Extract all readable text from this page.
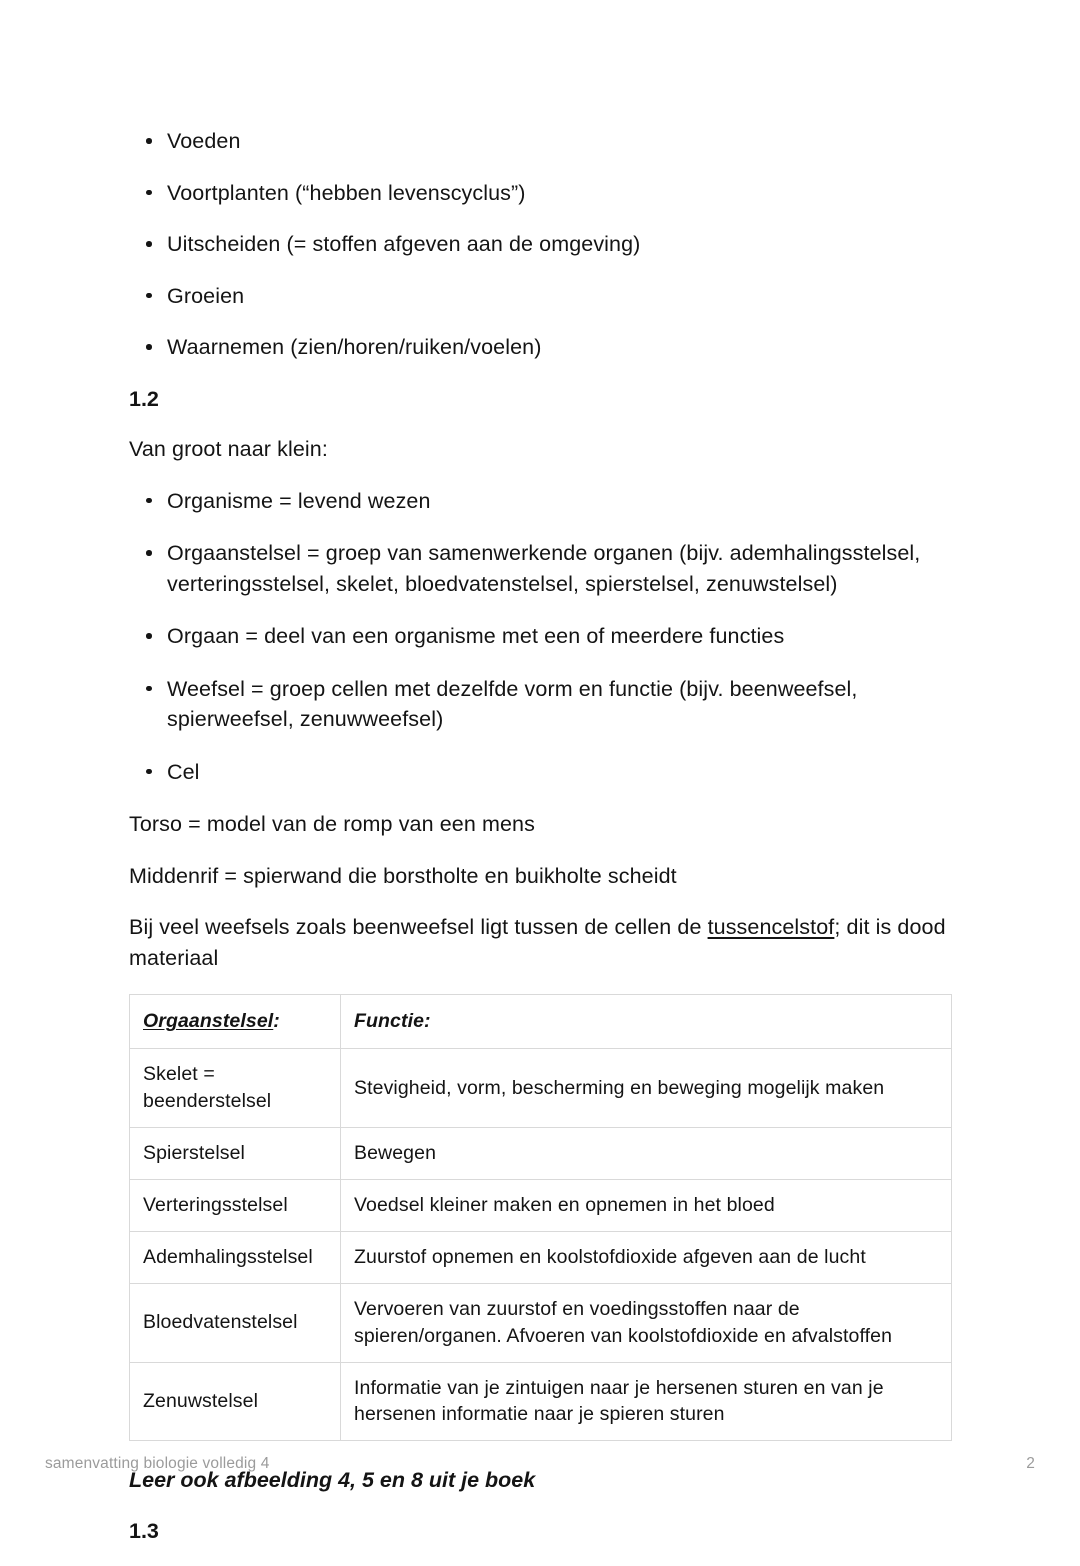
Voeden
Voortplanten (“hebben levenscyclus”)
Uitscheiden (= stoffen afgeven aan de omgeving)
Groeien
Waarnemen (zien/horen/ruiken/voelen)

1.2

Van groot naar klein:

Organisme = levend wezen
Orgaanstelsel = groep van samenwerkende organen (bijv. ademhalingsstelsel, verteringsstelsel, skelet, bloedvatenstelsel, spierstelsel, zenuwstelsel)
Orgaan = deel van een organisme met een of meerdere functies
Weefsel = groep cellen met dezelfde vorm en functie (bijv. beenweefsel, spierweefsel, zenuwweefsel)
Cel

Torso = model van de romp van een mens

Middenrif = spierwand die borstholte en buikholte scheidt

Bij veel weefsels zoals beenweefsel ligt tussen de cellen de tussencelstof; dit is dood materiaal

Orgaanstelsel:	Functie:
Skelet = beenderstelsel	Stevigheid, vorm, bescherming en beweging mogelijk maken
Spierstelsel	Bewegen
Verteringsstelsel	Voedsel kleiner maken en opnemen in het bloed
Ademhalingsstelsel	Zuurstof opnemen en koolstofdioxide afgeven aan de lucht
Bloedvatenstelsel	Vervoeren van zuurstof en voedingsstoffen naar de spieren/organen. Afvoeren van koolstofdioxide en afvalstoffen
Zenuwstelsel	Informatie van je zintuigen naar je hersenen sturen en van je hersenen informatie naar je spieren sturen

Leer ook afbeelding 4, 5 en 8 uit je boek

1.3

samenvatting biologie volledig 4	2
